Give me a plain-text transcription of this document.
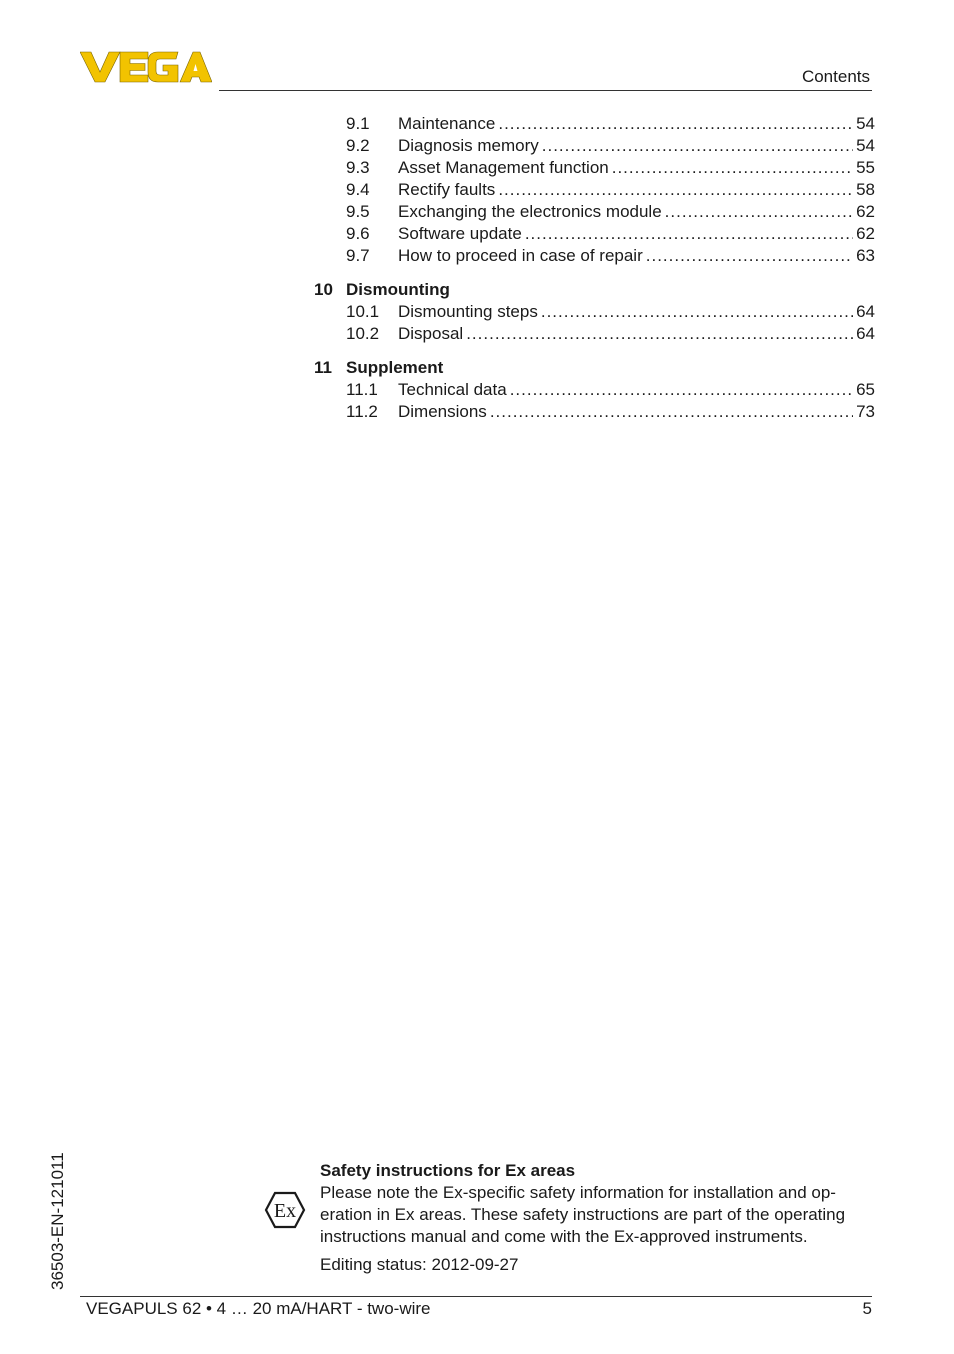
Contents
9.1	Maintenance .....	54
9.2	Diagnosis memory .....	54
9.3	Asset Management function .....	55
9.4	Rectify faults .....	58
9.5	Exchanging the electronics module .....	62
9.6	Software update .....	62
9.7	How to proceed in case of repair .....	63
10 Dismounting
10.1	Dismounting steps .....	64
10.2	Disposal .....	64
11 Supplement
11.1	Technical data .....	65
11.2	Dimensions .....	73
36503-EN-121011	Ex
Safety instructions for Ex areas
Please note the Ex-specific safety information for installation and op-
eration in Ex areas. These safety instructions are part of the operating
instructions manual and come with the Ex-approved instruments.
Editing status: 2012-09-27
VEGAPULS 62 • 4 … 20 mA/HART - two-wire	5
